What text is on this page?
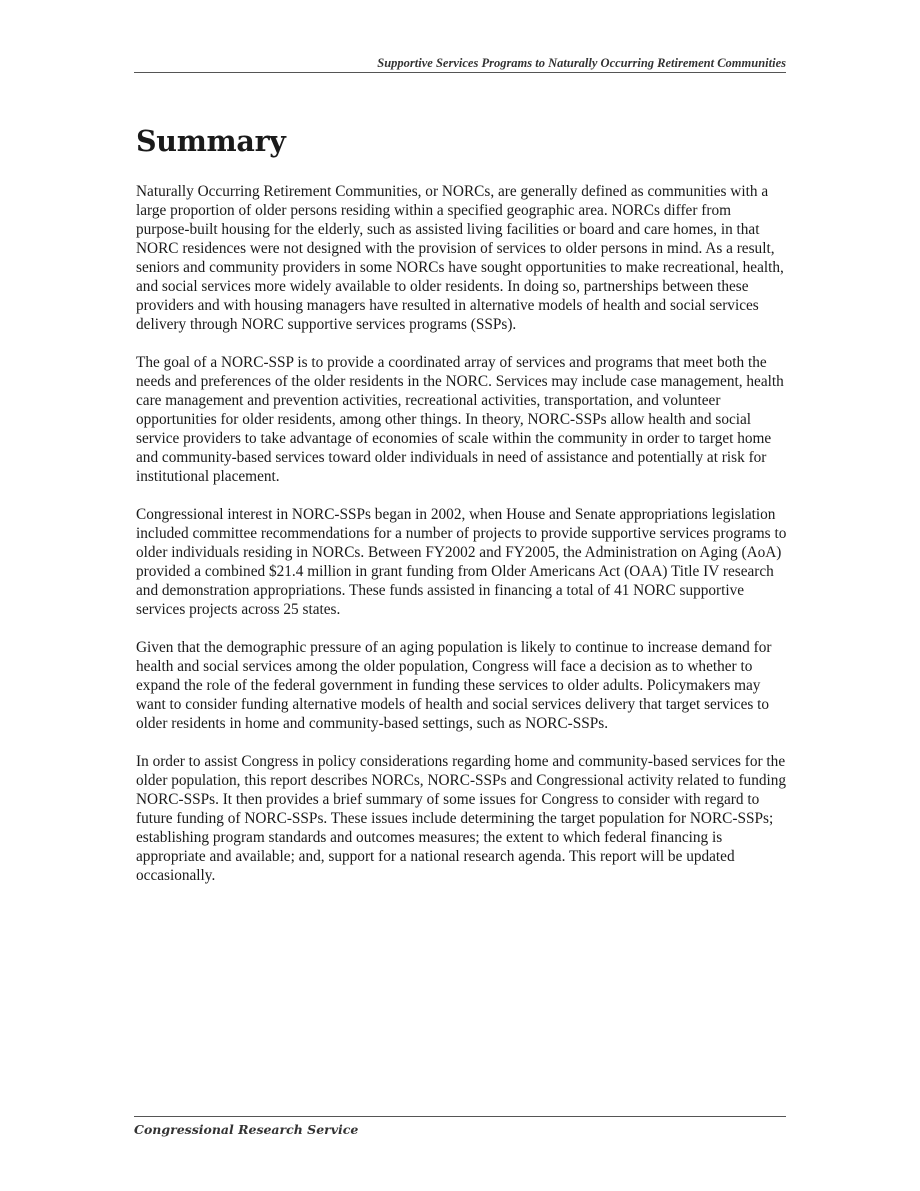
Supportive Services Programs to Naturally Occurring Retirement Communities
Summary

Naturally Occurring Retirement Communities, or NORCs, are generally defined as communities with a large proportion of older persons residing within a specified geographic area. NORCs differ from purpose-built housing for the elderly, such as assisted living facilities or board and care homes, in that NORC residences were not designed with the provision of services to older persons in mind. As a result, seniors and community providers in some NORCs have sought opportunities to make recreational, health, and social services more widely available to older residents. In doing so, partnerships between these providers and with housing managers have resulted in alternative models of health and social services delivery through NORC supportive services programs (SSPs).

The goal of a NORC-SSP is to provide a coordinated array of services and programs that meet both the needs and preferences of the older residents in the NORC. Services may include case management, health care management and prevention activities, recreational activities, transportation, and volunteer opportunities for older residents, among other things. In theory, NORC-SSPs allow health and social service providers to take advantage of economies of scale within the community in order to target home and community-based services toward older individuals in need of assistance and potentially at risk for institutional placement.

Congressional interest in NORC-SSPs began in 2002, when House and Senate appropriations legislation included committee recommendations for a number of projects to provide supportive services programs to older individuals residing in NORCs. Between FY2002 and FY2005, the Administration on Aging (AoA) provided a combined $21.4 million in grant funding from Older Americans Act (OAA) Title IV research and demonstration appropriations. These funds assisted in financing a total of 41 NORC supportive services projects across 25 states.

Given that the demographic pressure of an aging population is likely to continue to increase demand for health and social services among the older population, Congress will face a decision as to whether to expand the role of the federal government in funding these services to older adults. Policymakers may want to consider funding alternative models of health and social services delivery that target services to older residents in home and community-based settings, such as NORC-SSPs.

In order to assist Congress in policy considerations regarding home and community-based services for the older population, this report describes NORCs, NORC-SSPs and Congressional activity related to funding NORC-SSPs. It then provides a brief summary of some issues for Congress to consider with regard to future funding of NORC-SSPs. These issues include determining the target population for NORC-SSPs; establishing program standards and outcomes measures; the extent to which federal financing is appropriate and available; and, support for a national research agenda. This report will be updated occasionally.

Congressional Research Service
